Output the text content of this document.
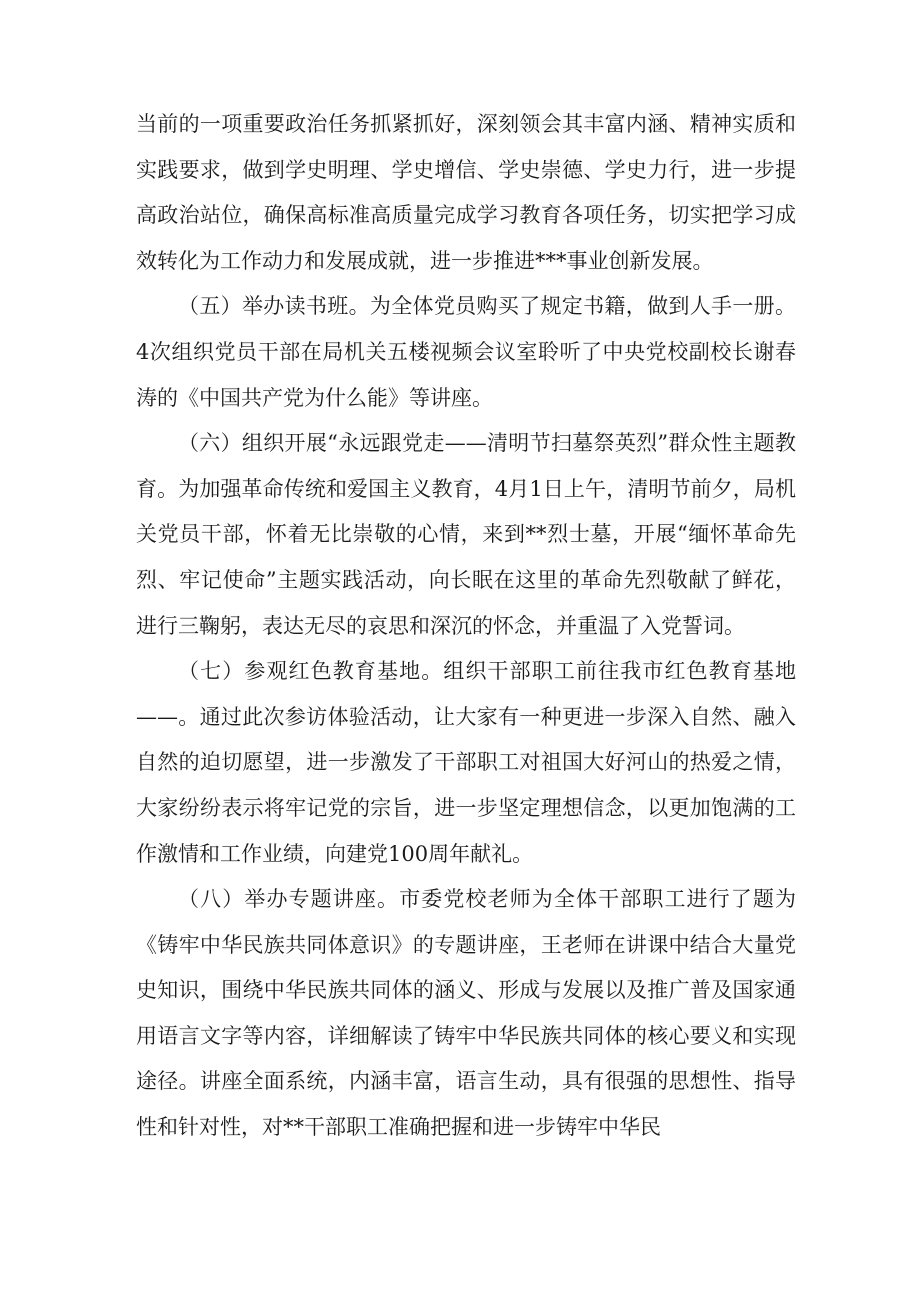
当前的一项重要政治任务抓紧抓好，深刻领会其丰富内涵、精神实质和实践要求，做到学史明理、学史增信、学史崇德、学史力行，进一步提高政治站位，确保高标准高质量完成学习教育各项任务，切实把学习成效转化为工作动力和发展成就，进一步推进***事业创新发展。

（五）举办读书班。为全体党员购买了规定书籍，做到人手一册。4次组织党员干部在局机关五楼视频会议室聆听了中央党校副校长谢春涛的《中国共产党为什么能》等讲座。

（六）组织开展“永远跟党走——清明节扫墓祭英烈”群众性主题教育。为加强革命传统和爱国主义教育，4月1日上午，清明节前夕，局机关党员干部，怀着无比崇敬的心情，来到**烈士墓，开展“缅怀革命先烈、牢记使命”主题实践活动，向长眠在这里的革命先烈敬献了鲜花，进行三鞠躬，表达无尽的哀思和深沉的怀念，并重温了入党誓词。

（七）参观红色教育基地。组织干部职工前往我市红色教育基地——。通过此次参访体验活动，让大家有一种更进一步深入自然、融入自然的迫切愿望，进一步激发了干部职工对祖国大好河山的热爱之情，大家纷纷表示将牢记党的宗旨，进一步坚定理想信念，以更加饱满的工作激情和工作业绩，向建党100周年献礼。

（八）举办专题讲座。市委党校老师为全体干部职工进行了题为《铸牢中华民族共同体意识》的专题讲座，王老师在讲课中结合大量党史知识，围绕中华民族共同体的涵义、形成与发展以及推广普及国家通用语言文字等内容，详细解读了铸牢中华民族共同体的核心要义和实现途径。讲座全面系统，内涵丰富，语言生动，具有很强的思想性、指导性和针对性，对**干部职工准确把握和进一步铸牢中华民
